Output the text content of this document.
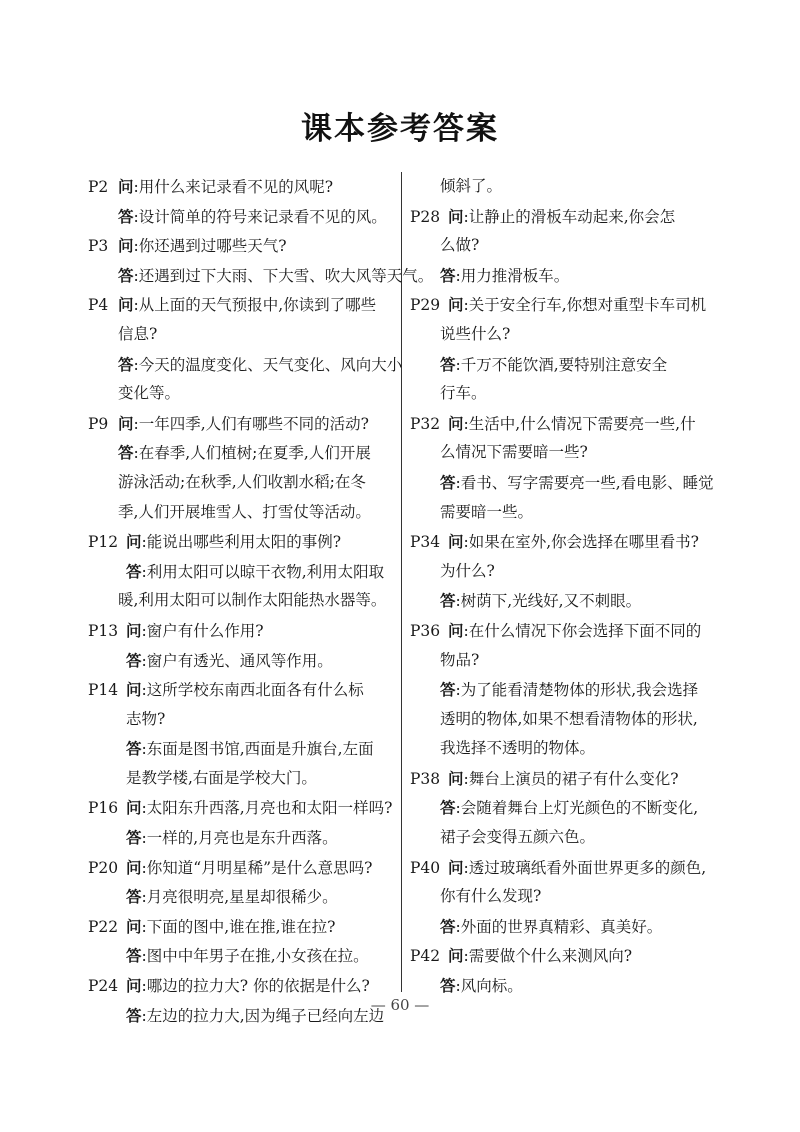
课本参考答案
P2 问:用什么来记录看不见的风呢?
答:设计简单的符号来记录看不见的风。
P3 问:你还遇到过哪些天气?
答:还遇到过下大雨、下大雪、吹大风等天气。
P4 问:从上面的天气预报中,你读到了哪些
信息?
答:今天的温度变化、天气变化、风向大小
变化等。
P9 问:一年四季,人们有哪些不同的活动?
答:在春季,人们植树;在夏季,人们开展
游泳活动;在秋季,人们收割水稻;在冬
季,人们开展堆雪人、打雪仗等活动。
P12 问:能说出哪些利用太阳的事例?
答:利用太阳可以晾干衣物,利用太阳取
暖,利用太阳可以制作太阳能热水器等。
P13 问:窗户有什么作用?
答:窗户有透光、通风等作用。
P14 问:这所学校东南西北面各有什么标
志物?
答:东面是图书馆,西面是升旗台,左面
是教学楼,右面是学校大门。
P16 问:太阳东升西落,月亮也和太阳一样吗?
答:一样的,月亮也是东升西落。
P20 问:你知道“月明星稀”是什么意思吗?
答:月亮很明亮,星星却很稀少。
P22 问:下面的图中,谁在推,谁在拉?
答:图中中年男子在推,小女孩在拉。
P24 问:哪边的拉力大? 你的依据是什么?
答:左边的拉力大,因为绳子已经向左边
倾斜了。
P28 问:让静止的滑板车动起来,你会怎
么做?
答:用力推滑板车。
P29 问:关于安全行车,你想对重型卡车司机
说些什么?
答:千万不能饮酒,要特别注意安全
行车。
P32 问:生活中,什么情况下需要亮一些,什
么情况下需要暗一些?
答:看书、写字需要亮一些,看电影、睡觉
需要暗一些。
P34 问:如果在室外,你会选择在哪里看书?
为什么?
答:树荫下,光线好,又不刺眼。
P36 问:在什么情况下你会选择下面不同的
物品?
答:为了能看清楚物体的形状,我会选择
透明的物体,如果不想看清物体的形状,
我选择不透明的物体。
P38 问:舞台上演员的裙子有什么变化?
答:会随着舞台上灯光颜色的不断变化,
裙子会变得五颜六色。
P40 问:透过玻璃纸看外面世界更多的颜色,
你有什么发现?
答:外面的世界真精彩、真美好。
P42 问:需要做个什么来测风向?
答:风向标。
— 60 —
